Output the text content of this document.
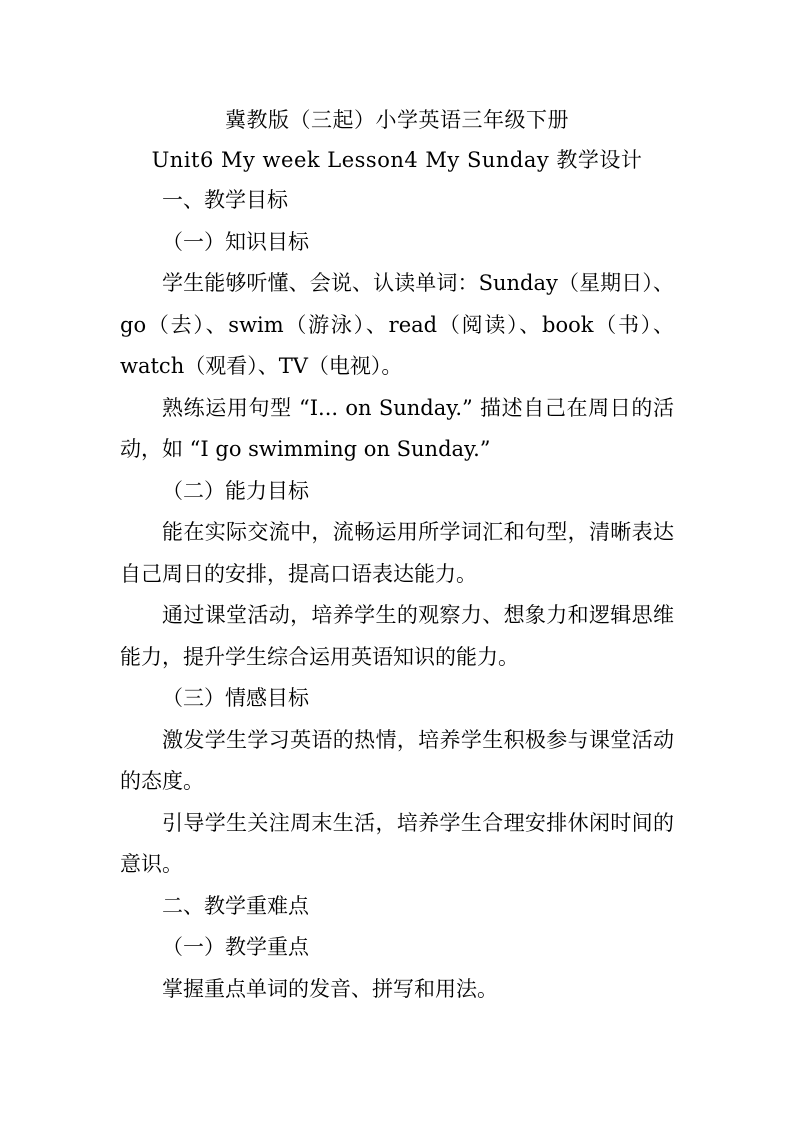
冀教版（三起）小学英语三年级下册
Unit6 My week Lesson4 My Sunday 教学设计

一、教学目标

（一）知识目标

学生能够听懂、会说、认读单词：Sunday（星期日）、go（去）、swim（游泳）、read（阅读）、book（书）、watch（观看）、TV（电视）。

熟练运用句型 “I... on Sunday.” 描述自己在周日的活动，如 “I go swimming on Sunday.”

（二）能力目标

能在实际交流中，流畅运用所学词汇和句型，清晰表达自己周日的安排，提高口语表达能力。

通过课堂活动，培养学生的观察力、想象力和逻辑思维能力，提升学生综合运用英语知识的能力。

（三）情感目标

激发学生学习英语的热情，培养学生积极参与课堂活动的态度。

引导学生关注周末生活，培养学生合理安排休闲时间的意识。

二、教学重难点

（一）教学重点

掌握重点单词的发音、拼写和用法。
